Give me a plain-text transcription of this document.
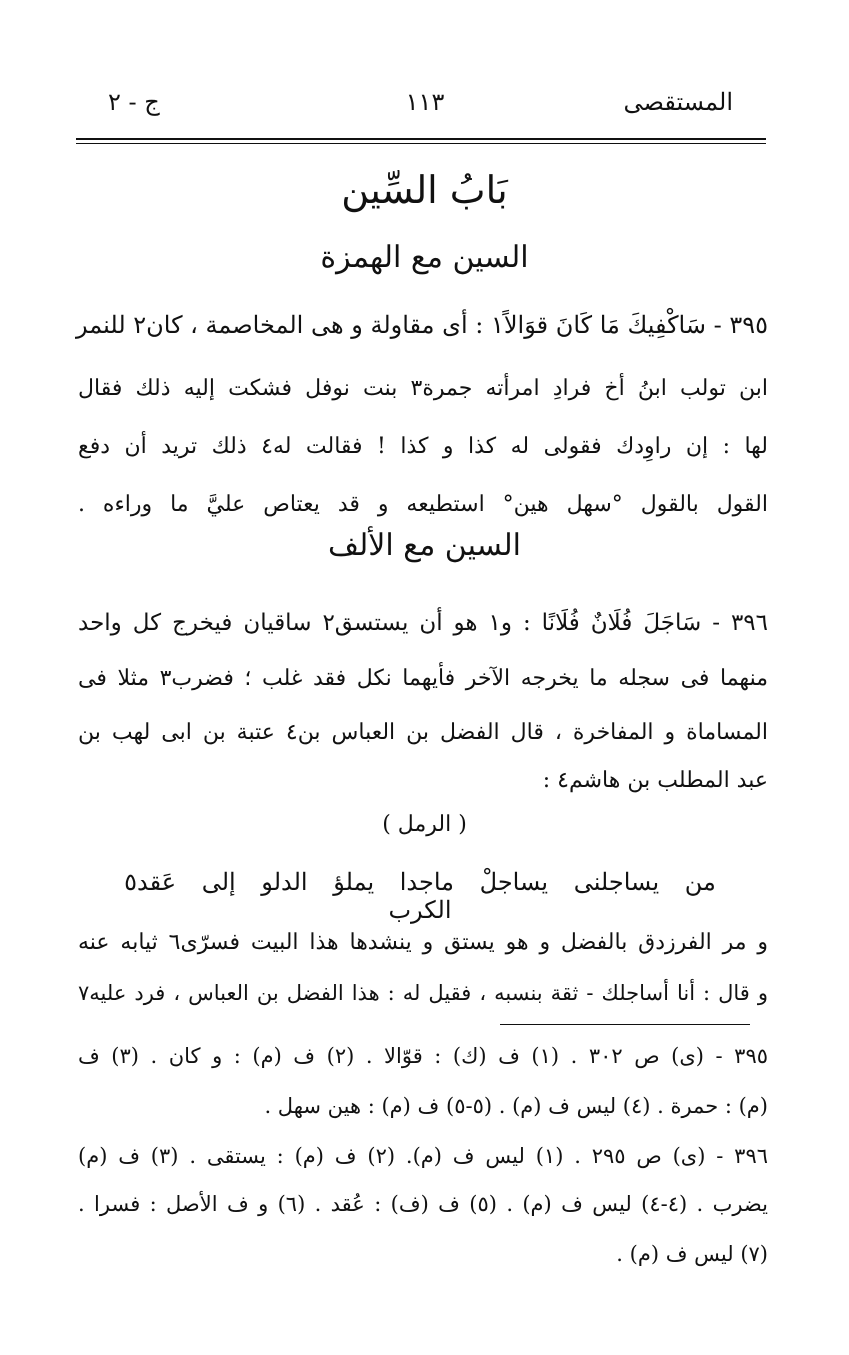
ج - ٢	١١٣	المستقصى
بَابُ السِّين
السين مع الهمزة
٣٩٥ - سَاكْفِيكَ مَا كَانَ قوَالاً١ : أى مقاولة و هى المخاصمة ، كان٢ للنمر
ابن تولب ابنُ أخ فرادِ امرأته جمرة٣ بنت نوفل فشكت إليه ذلك فقال
لها : إن راوِدك فقولى له كذا و كذا ! فقالت له٤ ذلك تريد أن دفع
القول بالقول °سهل هين° استطيعه و قد يعتاص عليَّ ما وراءه .
السين مع الألف
٣٩٦ - سَاجَلَ فُلَانٌ فُلَانًا : و١ هو أن يستسق٢ ساقيان فيخرج كل واحد
منهما فى سجله ما يخرجه الآخر فأيهما نكل فقد غلب ؛ فضرب٣ مثلا فى
المساماة و المفاخرة ، قال الفضل بن العباس بن٤ عتبة بن ابى لهب بن
عبد المطلب بن هاشم٤ :
( الرمل )
من يساجلنى يساجلْ ماجدا يملؤ الدلو إلى عَقد٥ الكرب
و مر الفرزدق بالفضل و هو يستق و ينشدها هذا البيت فسرّى٦ ثيابه عنه
و قال : أنا أساجلك - ثقة بنسبه ، فقيل له : هذا الفضل بن العباس ، فرد عليه٧
٣٩٥ - (ى) ص ٣٠٢ . (١) ف (ك) : قوّالا . (٢) ف (م) : و كان . (٣) ف
(م) : حمرة . (٤) ليس ف (م) . (٥-٥) ف (م) : هين سهل .
٣٩٦ - (ى) ص ٢٩٥ . (١) ليس ف (م). (٢) ف (م) : يستقى . (٣) ف (م)
يضرب . (٤-٤) ليس ف (م) . (٥) ف (ف) : عُقد . (٦) و ف الأصل : فسرا .
(٧) ليس ف (م) .
